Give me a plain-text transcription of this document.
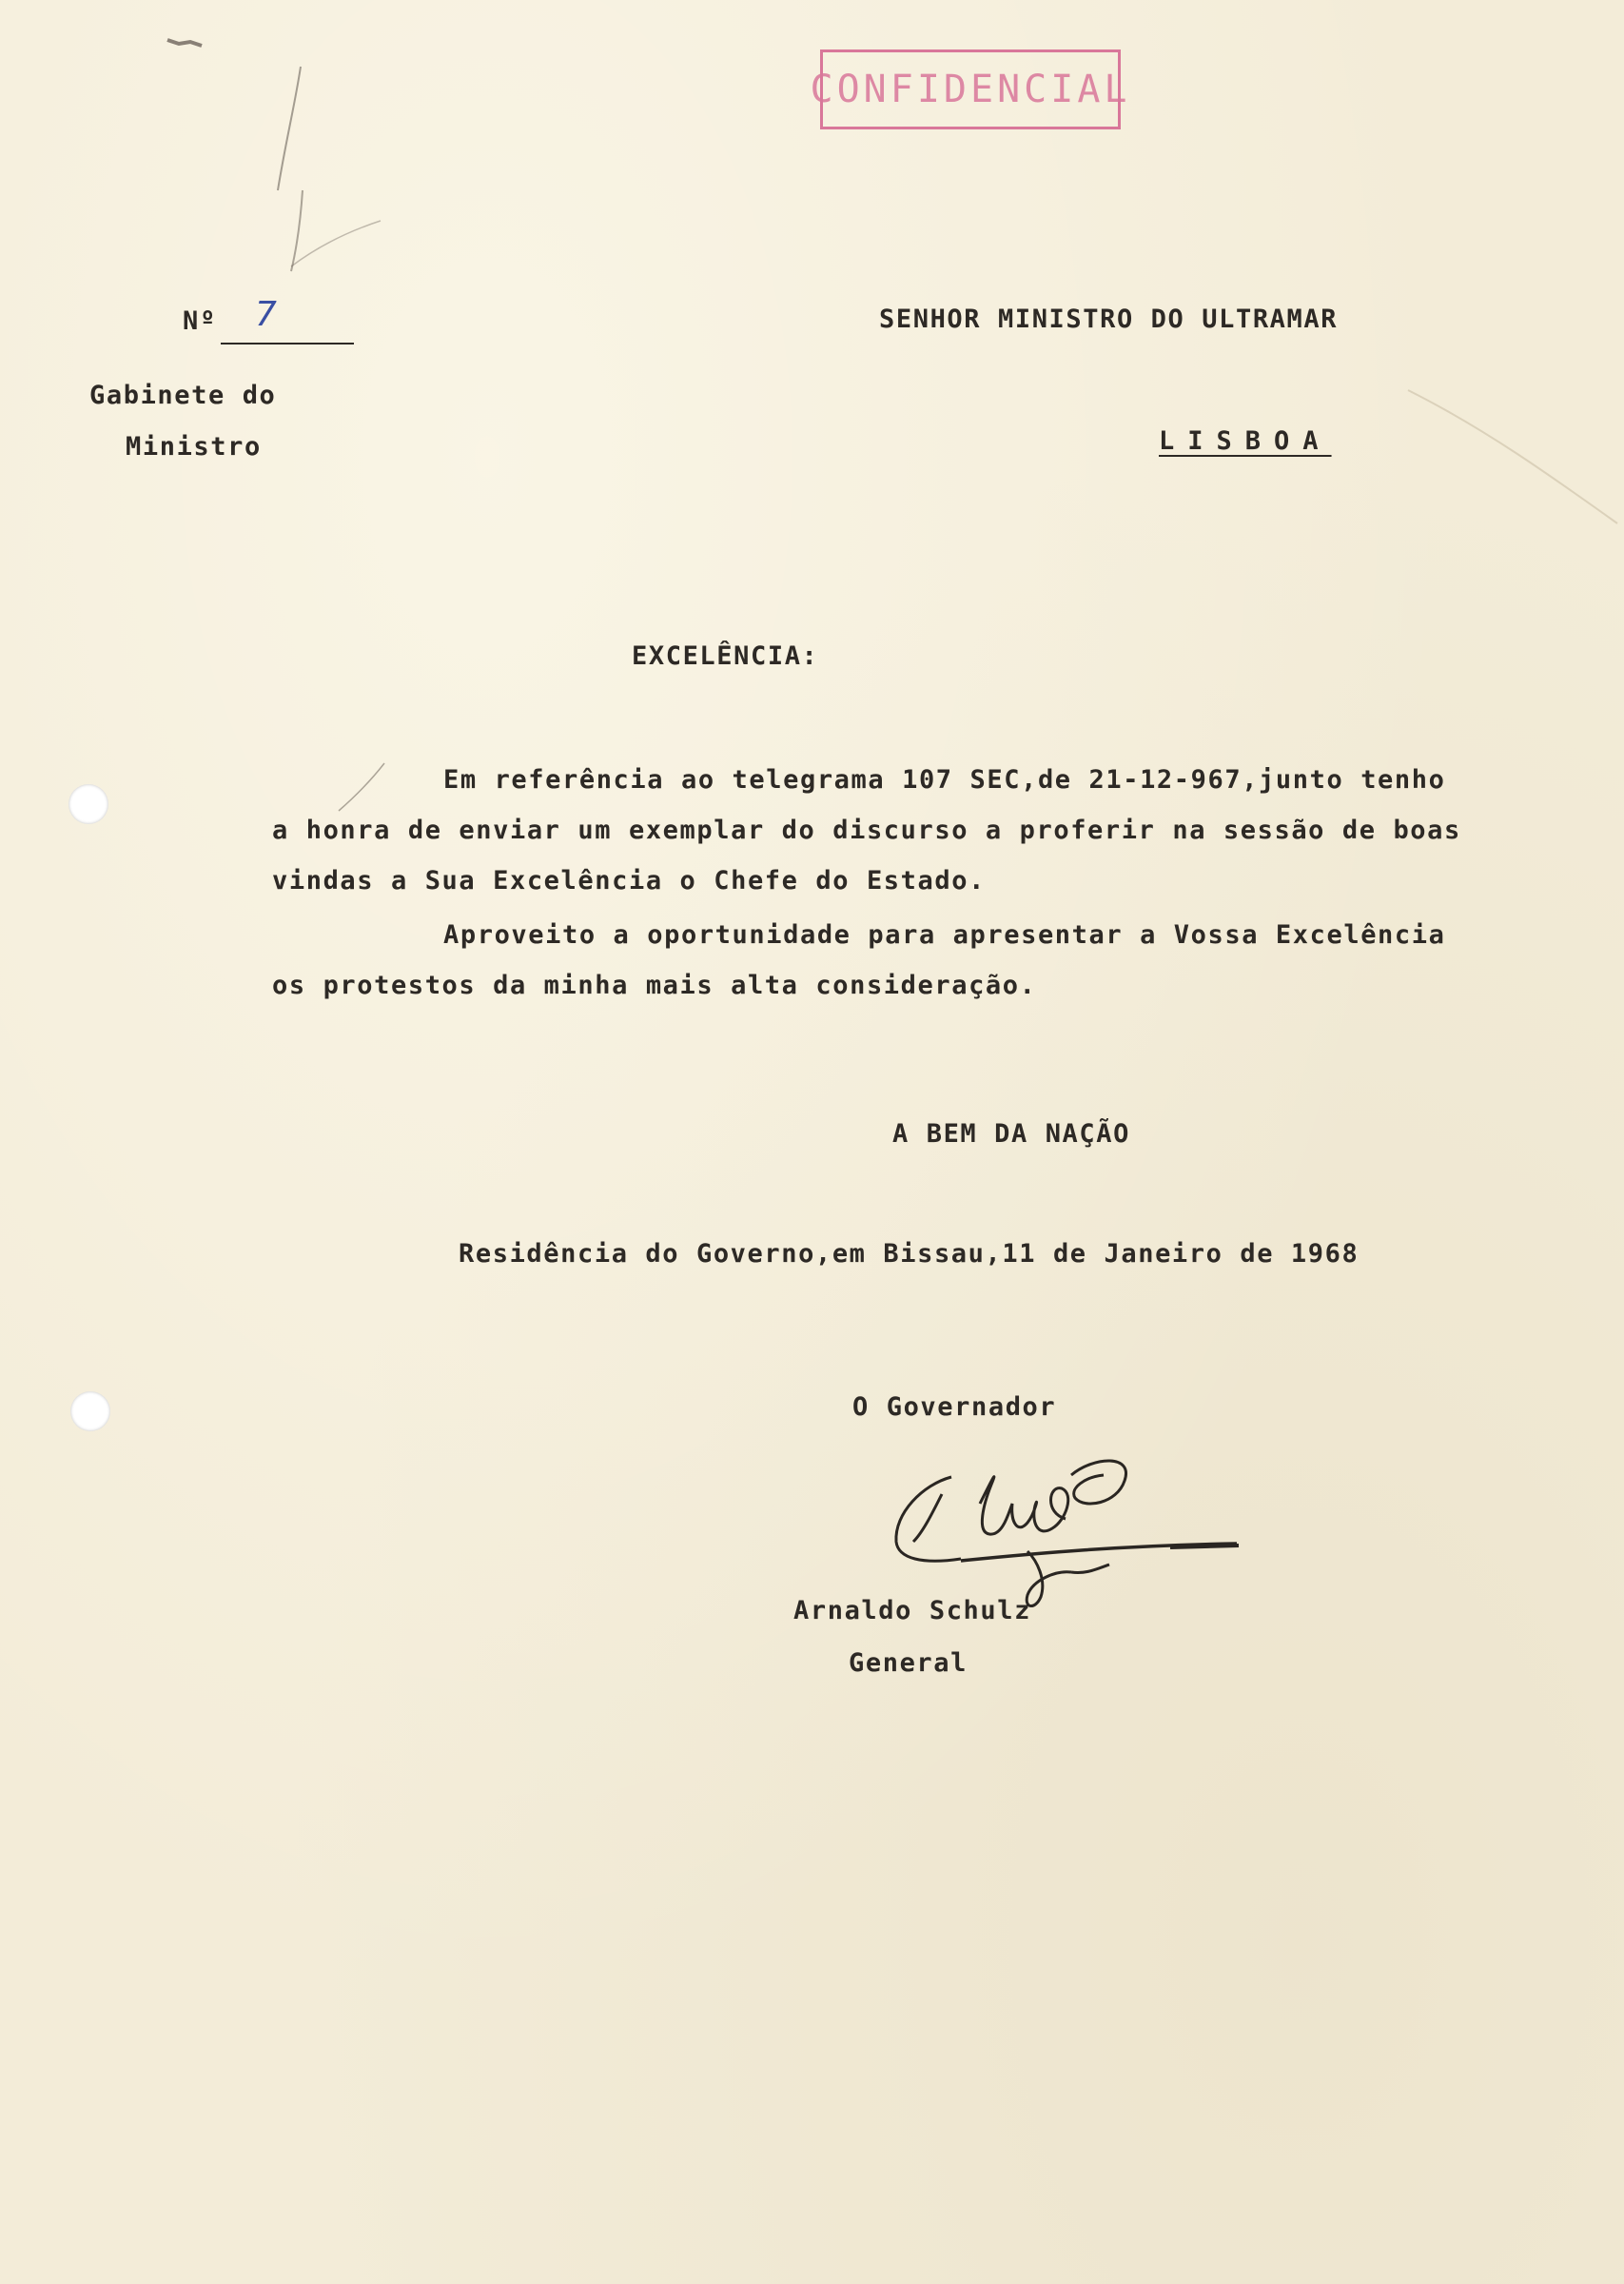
CONFIDENCIAL
Nº 7
Gabinete do
Ministro
SENHOR MINISTRO DO ULTRAMAR
LISBOA
EXCELÊNCIA:
Em referência ao telegrama 107 SEC,de 21-12-967,junto tenho
a honra de enviar um exemplar do discurso a proferir na sessão de boas
vindas a Sua Excelência o Chefe do Estado.
Aproveito a oportunidade para apresentar a Vossa Excelência
os protestos da minha mais alta consideração.
A BEM DA NAÇÃO
Residência do Governo,em Bissau,11 de Janeiro de 1968
O Governador
Arnaldo Schulz
General
